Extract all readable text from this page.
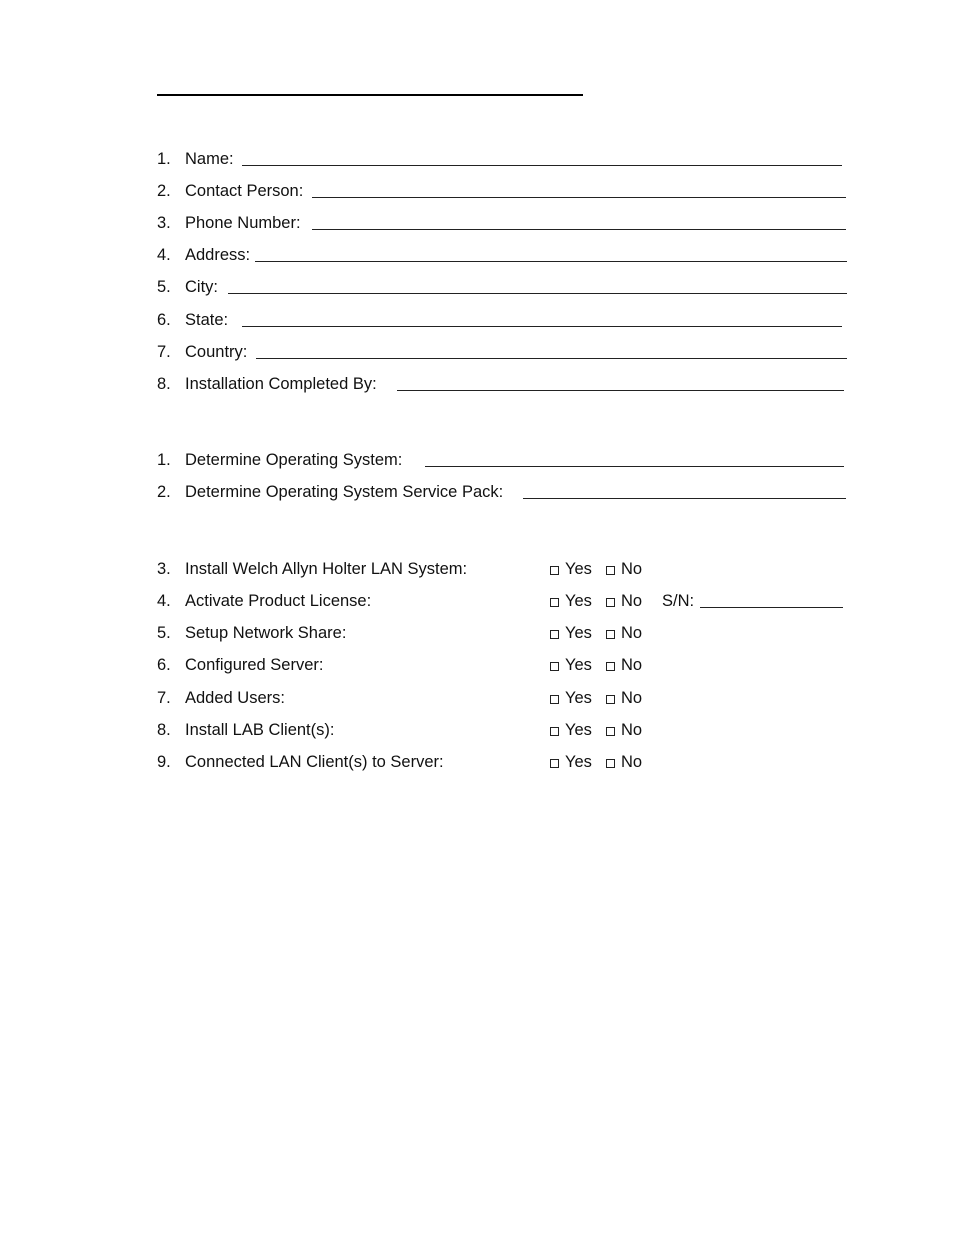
1. Name:
2. Contact Person:
3. Phone Number:
4. Address:
5. City:
6. State:
7. Country:
8. Installation Completed By:
1. Determine Operating System:
2. Determine Operating System Service Pack:
3. Install Welch Allyn Holter LAN System:	Yes No
4. Activate Product License:	Yes No S/N:
5. Setup Network Share:	Yes No
6. Configured Server:	Yes No
7. Added Users:	Yes No
8. Install LAB Client(s):	Yes No
9. Connected LAN Client(s) to Server:	Yes No
